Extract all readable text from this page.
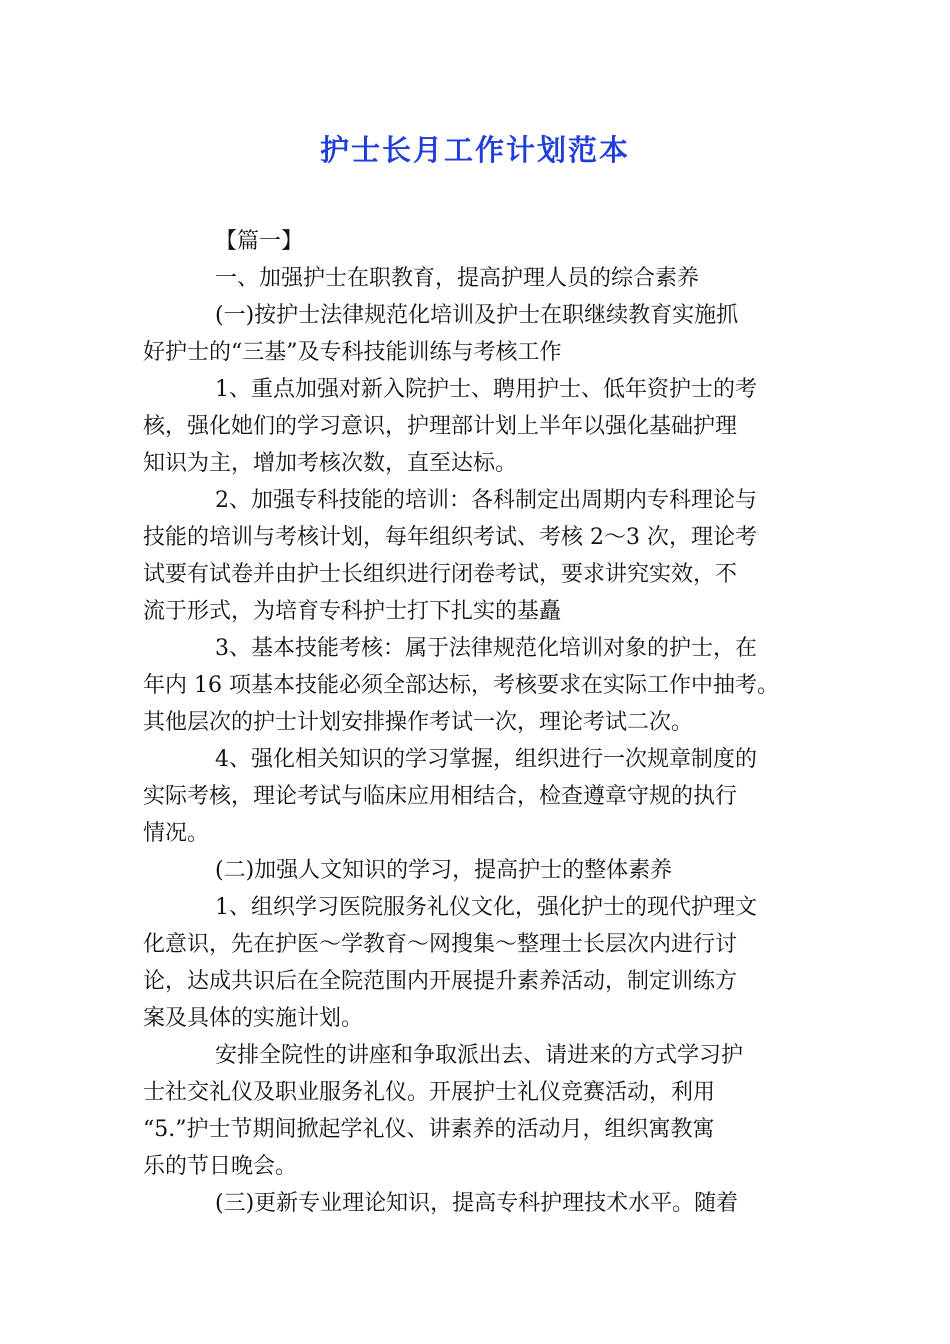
护士长月工作计划范本
【篇一】
一、加强护士在职教育，提高护理人员的综合素养
(一)按护士法律规范化培训及护士在职继续教育实施抓
好护士的“三基”及专科技能训练与考核工作
1、重点加强对新入院护士、聘用护士、低年资护士的考
核，强化她们的学习意识，护理部计划上半年以强化基础护理
知识为主，增加考核次数，直至达标。
2、加强专科技能的培训：各科制定出周期内专科理论与
技能的培训与考核计划，每年组织考试、考核 2～3 次，理论考
试要有试卷并由护士长组织进行闭卷考试，要求讲究实效，不
流于形式，为培育专科护士打下扎实的基矗
3、基本技能考核：属于法律规范化培训对象的护士，在
年内 16 项基本技能必须全部达标，考核要求在实际工作中抽考。
其他层次的护士计划安排操作考试一次，理论考试二次。
4、强化相关知识的学习掌握，组织进行一次规章制度的
实际考核，理论考试与临床应用相结合，检查遵章守规的执行
情况。
(二)加强人文知识的学习，提高护士的整体素养
1、组织学习医院服务礼仪文化，强化护士的现代护理文
化意识，先在护医～学教育～网搜集～整理士长层次内进行讨
论，达成共识后在全院范围内开展提升素养活动，制定训练方
案及具体的实施计划。
安排全院性的讲座和争取派出去、请进来的方式学习护
士社交礼仪及职业服务礼仪。开展护士礼仪竞赛活动，利用
“5.”护士节期间掀起学礼仪、讲素养的活动月，组织寓教寓
乐的节日晚会。
(三)更新专业理论知识，提高专科护理技术水平。随着
